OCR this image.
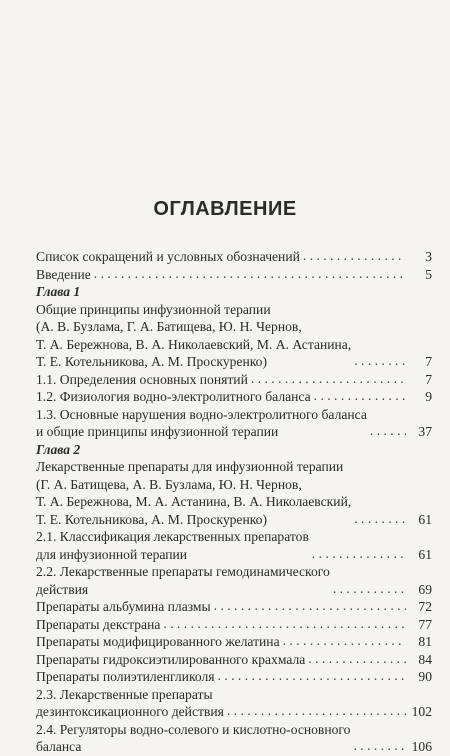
ОГЛАВЛЕНИЕ
Список сокращений и условных обозначений . . .	3
Введение . . .	5
Глава 1
Общие принципы инфузионной терапии
(А. В. Бузлама, Г. А. Батищева, Ю. Н. Чернов,
Т. А. Бережнова, В. А. Николаевский, М. А. Астанина,
Т. Е. Котельникова, А. М. Проскуренко) . . .	7
1.1. Определения основных понятий . . .	7
1.2. Физиология водно-электролитного баланса . . .	9
1.3. Основные нарушения водно-электролитного баланса
и общие принципы инфузионной терапии . . .	37
Глава 2
Лекарственные препараты для инфузионной терапии
(Г. А. Батищева, А. В. Бузлама, Ю. Н. Чернов,
Т. А. Бережнова, М. А. Астанина, В. А. Николаевский,
Т. Е. Котельникова, А. М. Проскуренко) . . .	61
2.1. Классификация лекарственных препаратов
для инфузионной терапии . . .	61
2.2. Лекарственные препараты гемодинамического
действия . . .	69
Препараты альбумина плазмы . . .	72
Препараты декстрана . . .	77
Препараты модифицированного желатина . . .	81
Препараты гидроксиэтилированного крахмала . . .	84
Препараты полиэтиленгликоля . . .	90
2.3. Лекарственные препараты
дезинтоксикационного действия . . .	102
2.4. Регуляторы водно-солевого и кислотно-основного
баланса . . .	106
